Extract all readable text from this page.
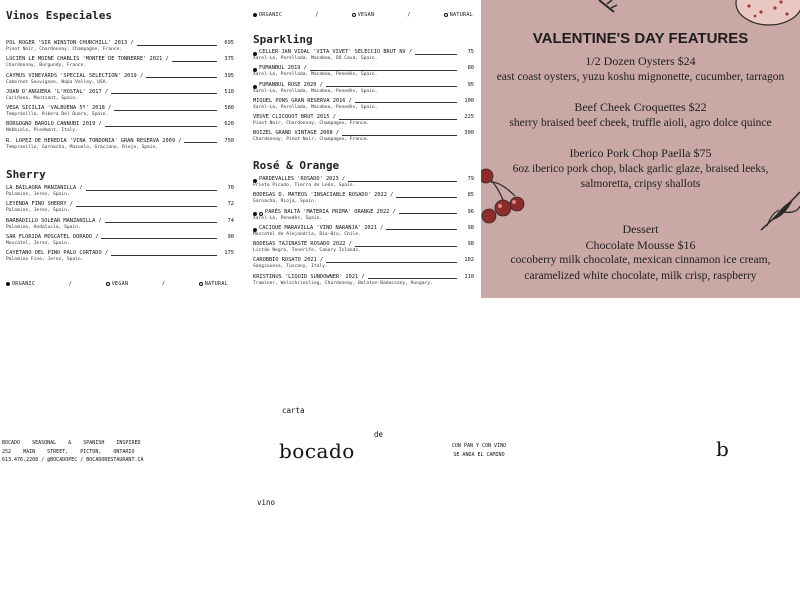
Vinos Especiales
POL ROGER 'SIR WINSTON CHURCHILL' 2013 /	695
Pinot Noir, Chardonnay, Champagne, France.
LUCIEN LE MOINE CHABLIS 'MONTEE DE TONNERRE' 2021 /	375
Chardonnay, Burgundy, France.
CAYMUS VINEYARDS 'SPECIAL SELECTION' 2019 /	395
Cabernet Sauvignon, Napa Valley, USA.
JOAN D'ANGUERA 'L'HOSTAL' 2017 /	510
Cariñena, Montsant, Spain.
VEGA SICILIA 'VALBUENA 5º' 2018 /	580
Tempranillo, Ribera Del Duero, Spain.
BORGOGNO BAROLO CANNUBI 2019 /	620
Nebbiolo, Piedmont, Italy.
R. LOPEZ DE HEREDIA 'VINA TONDONIA' GRAN RESERVA 2009 /	750
Tempranillo, Garnacha, Mazuelo, Graciano, Rioja, Spain.
Sherry
LA BAILAORA MANZANILLA /	70
Palomino, Jerez, Spain.
LEYENDA FINO SHERRY /	72
Palomino, Jerez, Spain.
BARBADILLO SOLEAR MANZANILLA /	74
Palomino, Andalucia, Spain.
SAR FLORIDA MOSCATEL DORADO /	90
Moscatel, Jerez, Spain.
CAYETANO DEL PINO PALO CORTADO /	175
Palomino Fino, Jerez, Spain.
ORGANIC	/	VEGAN	/	NATURAL
ORGANIC	/	VEGAN	/	NATURAL
Sparkling
CELLER JAN VIDAL 'VITA VIVET' SELECCIO BRUT NV /	75
Xarel-Lo, Parellada, Macabeo, DO Cava, Spain.
FUMANBUL 2019 /	80
Xarel-Lo, Parellada, Macabeo, Penedès, Spain.
FUMANBUL ROSE 2020 /	95
Xarel-Lo, Parellada, Macabeo, Penedès, Spain.
MIQUEL PONS GRAN RESERVA 2016 /	100
Xarel-Lo, Parellada, Macabeo, Penedès, Spain.
VEUVE CLICQUOT BRUT 2015 /	225
Pinot Noir, Chardonnay, Champagne, France.
BOIZEL GRAND VINTAGE 2008 /	300
Chardonnay, Pinot Noir, Champagne, France.
Rosé & Orange
PARDEVALLES 'ROSADO' 2023 /	79
Prieto Picudo, Tierra de León, Spain.
BODEGAS D. MATEOS 'INSACIABLE ROSADO' 2022 /	85
Garnacha, Rioja, Spain.
PARÉS BALTÀ 'MATERIA PRIMA' ORANGE 2022 /	96
Xarel-Lo, Penedès, Spain.
CACIQUE MARAVILLA 'VINO NARANJA' 2021 /	98
Moscatel de Alejandría, Bío-Bío, Chile.
BODEGAS TAJINASTE ROSADO 2022 /	98
Listán Negro, Tenerife, Canary Islands.
CAROBBIO ROSATO 2021 /	102
Sangiovese, Tuscany, Italy.
KRISTINUS 'LIQUID SUNDOWNER' 2021 /	110
Traminer, Welschriesling, Chardonnay, Balaton-Badacsony, Hungary.
VALENTINE'S DAY FEATURES
1/2 Dozen Oysters $24
east coast oysters, yuzu koshu mignonette, cucumber, tarragon
Beef Cheek Croquettes $22
sherry braised beef cheek, truffle aioli, agro dolce quince
Iberico Pork Chop Paella $75
6oz iberico pork chop, black garlic glaze, braised leeks,
salmoretta, cripsy shallots
Dessert
Chocolate Mousse $16
cocoberry milk chocolate, mexican cinnamon ice cream,
caramelized white chocolate, milk crisp, raspberry
BOCADO    SEASONAL    &    SPANISH    INSPIRED
252    MAIN    STREET,    PICTON,    ONTARIO
613.476.2208 / @BOCADOPEC / BOCADORESTAURANT.CA
carta
de
vino
bocado	CON PAN Y CON VINO
SE ANDA EL CAMINO	b
